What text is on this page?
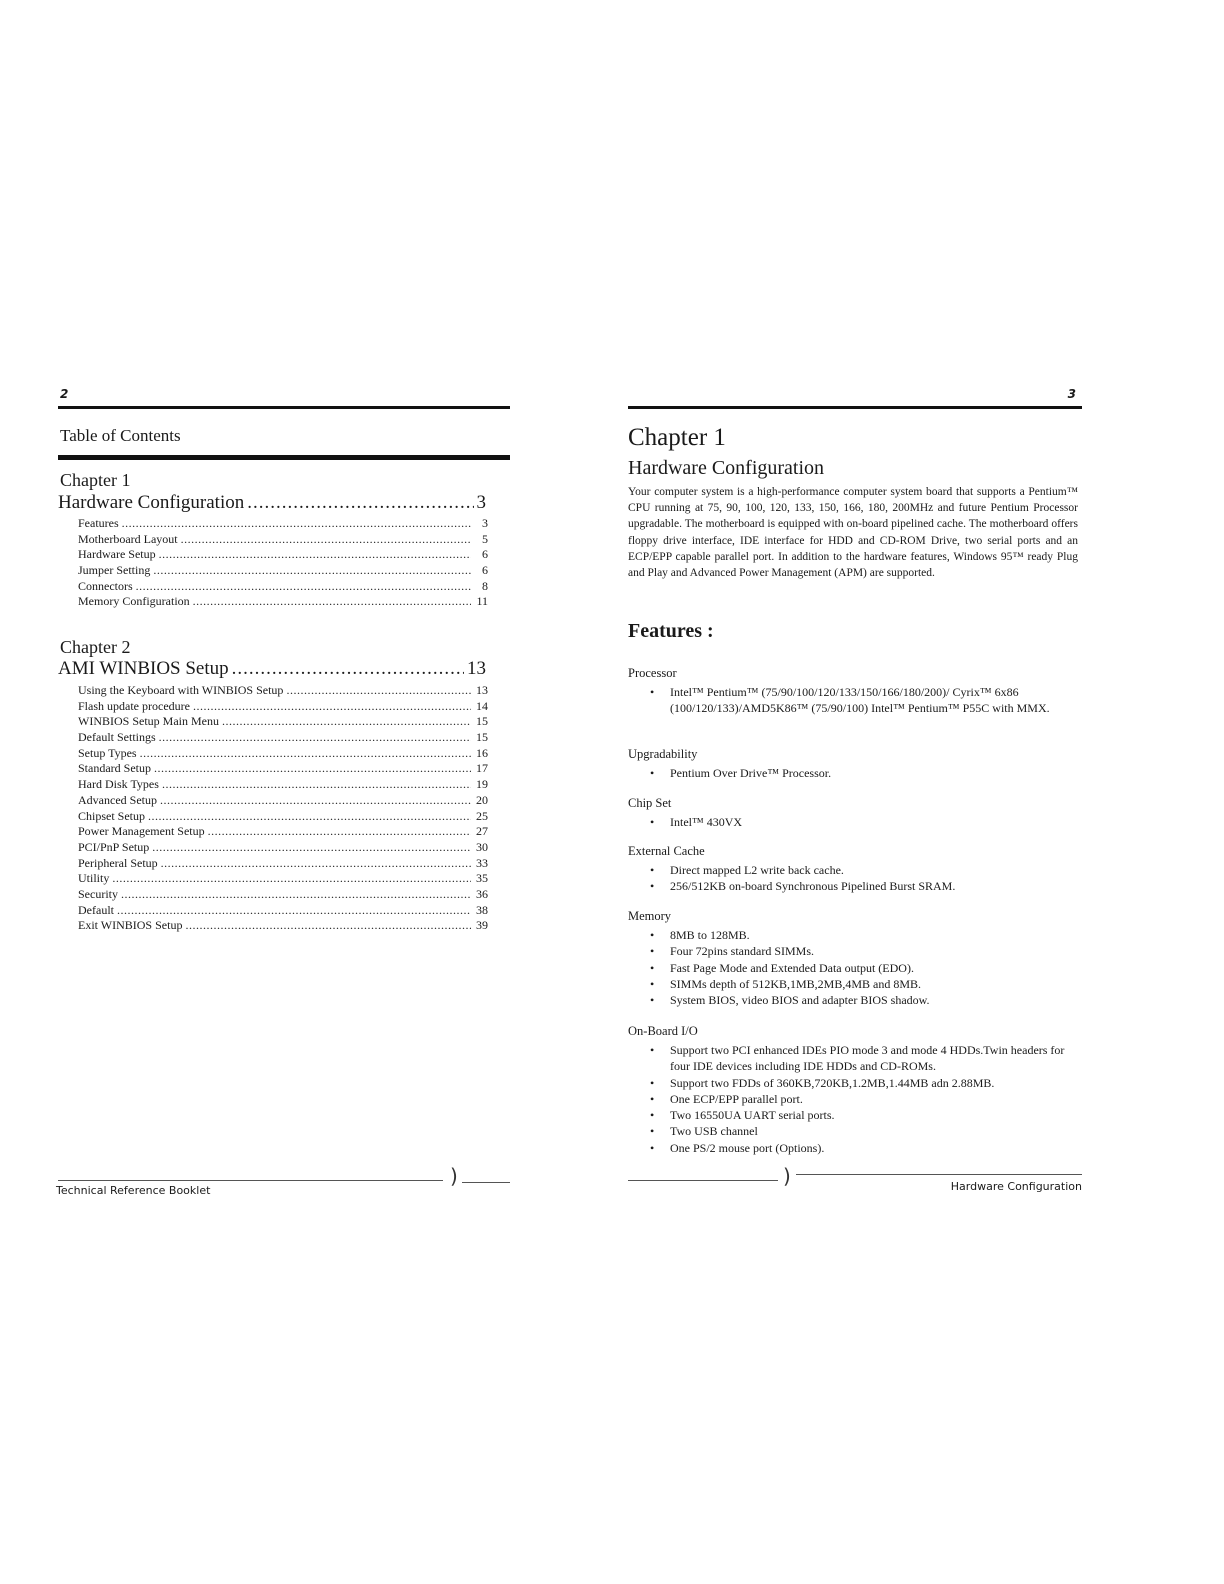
2
Table of Contents
Chapter 1
Hardware Configuration .....	3
Features .....	3
Motherboard Layout .....	5
Hardware Setup .....	6
Jumper Setting .....	6
Connectors .....	8
Memory Configuration .....	11
Chapter 2
AMI WINBIOS Setup .....	13
Using the Keyboard with WINBIOS Setup .....	13
Flash update procedure .....	14
WINBIOS Setup Main Menu .....	15
Default Settings .....	15
Setup Types .....	16
Standard Setup .....	17
Hard Disk Types .....	19
Advanced Setup .....	20
Chipset Setup .....	25
Power Management Setup .....	27
PCI/PnP Setup .....	30
Peripheral Setup .....	33
Utility .....	35
Security .....	36
Default .....	38
Exit WINBIOS Setup .....	39
)
Technical Reference Booklet
3
Chapter 1
Hardware Configuration

Your computer system is a high-performance computer system board that supports a Pentium™ CPU running at 75, 90, 100, 120, 133, 150, 166, 180, 200MHz and future Pentium Processor upgradable. The motherboard is equipped with on-board pipelined cache. The motherboard offers floppy drive interface, IDE interface for HDD and CD-ROM Drive, two serial ports and an ECP/EPP capable parallel port. In addition to the hardware features, Windows 95™ ready Plug and Play and Advanced Power Management (APM) are supported.

Features :
Processor
• Intel™ Pentium™ (75/90/100/120/133/150/166/180/200)/ Cyrix™ 6x86 (100/120/133)/AMD5K86™ (75/90/100) Intel™ Pentium™ P55C with MMX.
Upgradability
• Pentium Over Drive™ Processor.
Chip Set
• Intel™ 430VX
External Cache
• Direct mapped L2 write back cache.
• 256/512KB on-board Synchronous Pipelined Burst SRAM.
Memory
• 8MB to 128MB.
• Four 72pins standard SIMMs.
• Fast Page Mode and Extended Data output (EDO).
• SIMMs depth of 512KB,1MB,2MB,4MB and 8MB.
• System BIOS, video BIOS and adapter BIOS shadow.
On-Board I/O
• Support two PCI enhanced IDEs PIO mode 3 and mode 4 HDDs.Twin headers for four IDE devices including IDE HDDs and CD-ROMs.
• Support two FDDs of 360KB,720KB,1.2MB,1.44MB adn 2.88MB.
• One ECP/EPP parallel port.
• Two 16550UA UART serial ports.
• Two USB channel
• One PS/2 mouse port (Options).
)	Hardware Configuration
